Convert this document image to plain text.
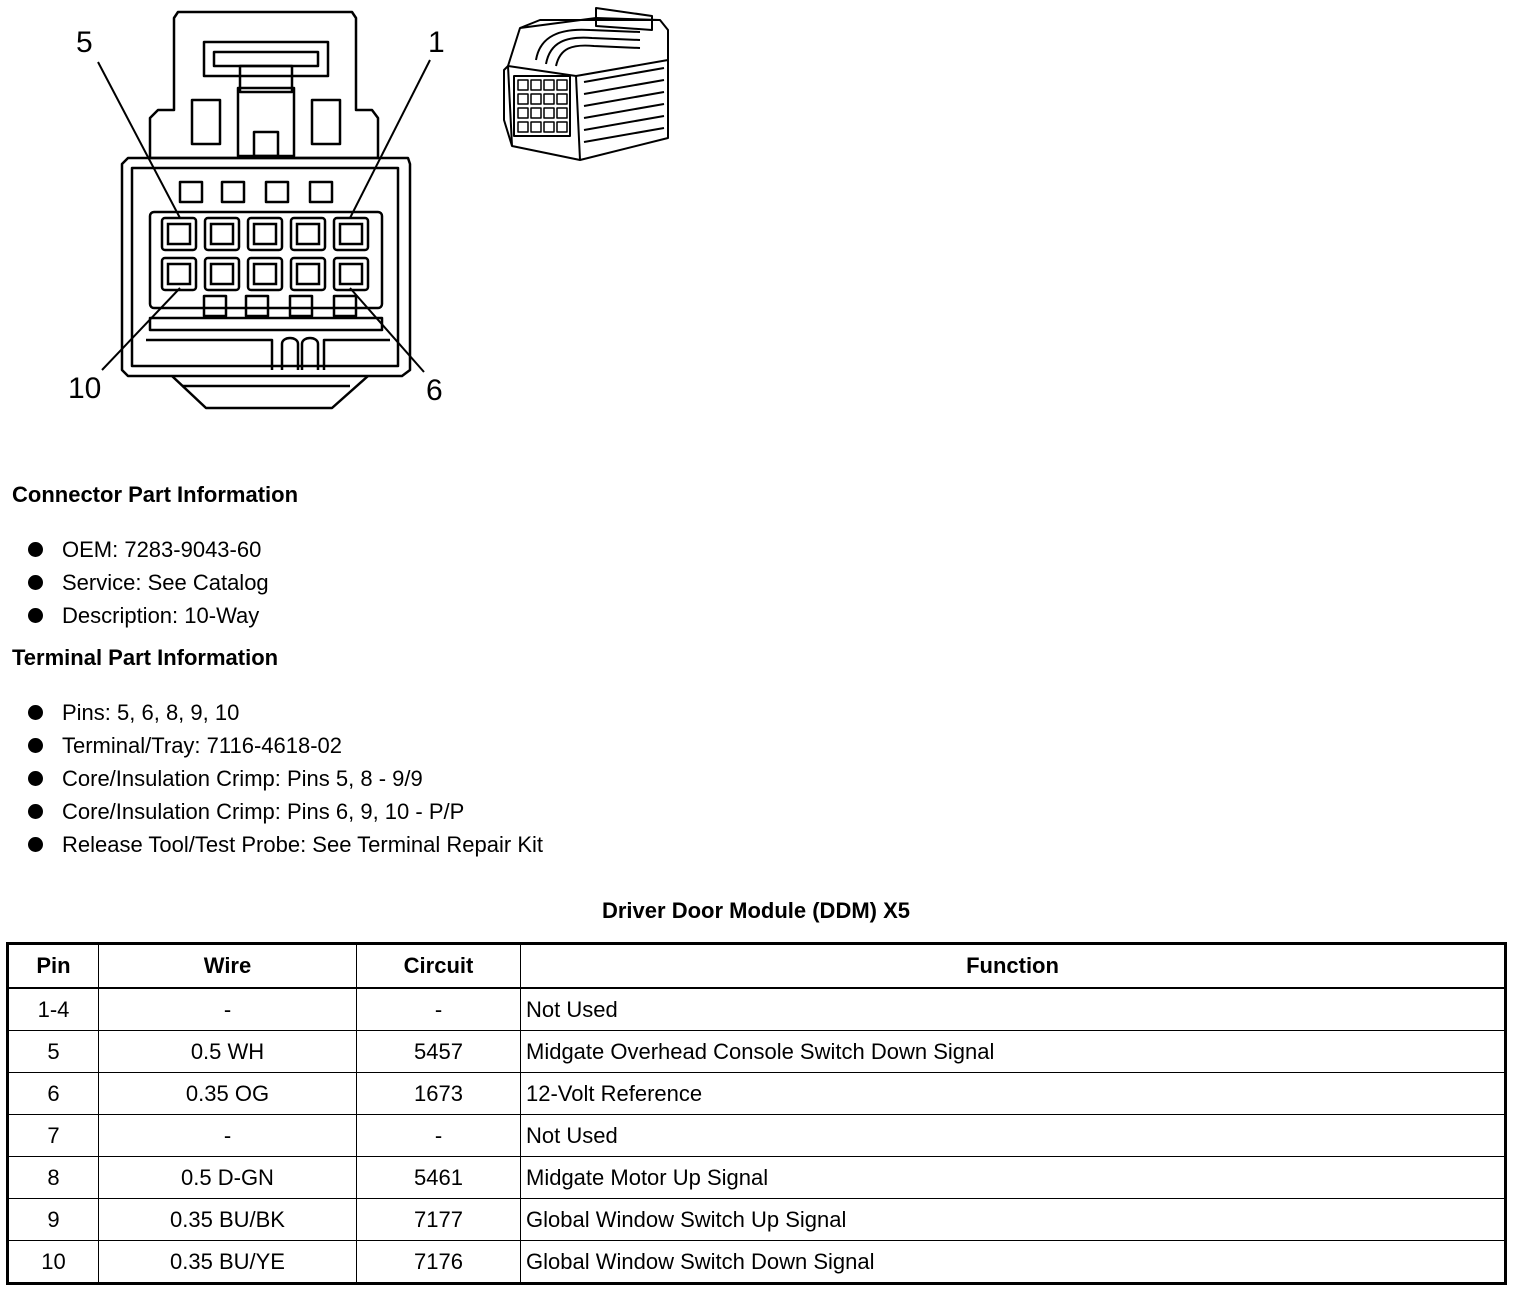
5	1
10	6
Connector Part Information
OEM: 7283-9043-60
Service: See Catalog
Description: 10-Way
Terminal Part Information
Pins: 5, 6, 8, 9, 10
Terminal/Tray: 7116-4618-02
Core/Insulation Crimp: Pins 5, 8 - 9/9
Core/Insulation Crimp: Pins 6, 9, 10 - P/P
Release Tool/Test Probe: See Terminal Repair Kit
Driver Door Module (DDM) X5
Pin	Wire	Circuit	Function
1-4	-	-	Not Used
5	0.5 WH	5457	Midgate Overhead Console Switch Down Signal
6	0.35 OG	1673	12-Volt Reference
7	-	-	Not Used
8	0.5 D-GN	5461	Midgate Motor Up Signal
9	0.35 BU/BK	7177	Global Window Switch Up Signal
10	0.35 BU/YE	7176	Global Window Switch Down Signal
